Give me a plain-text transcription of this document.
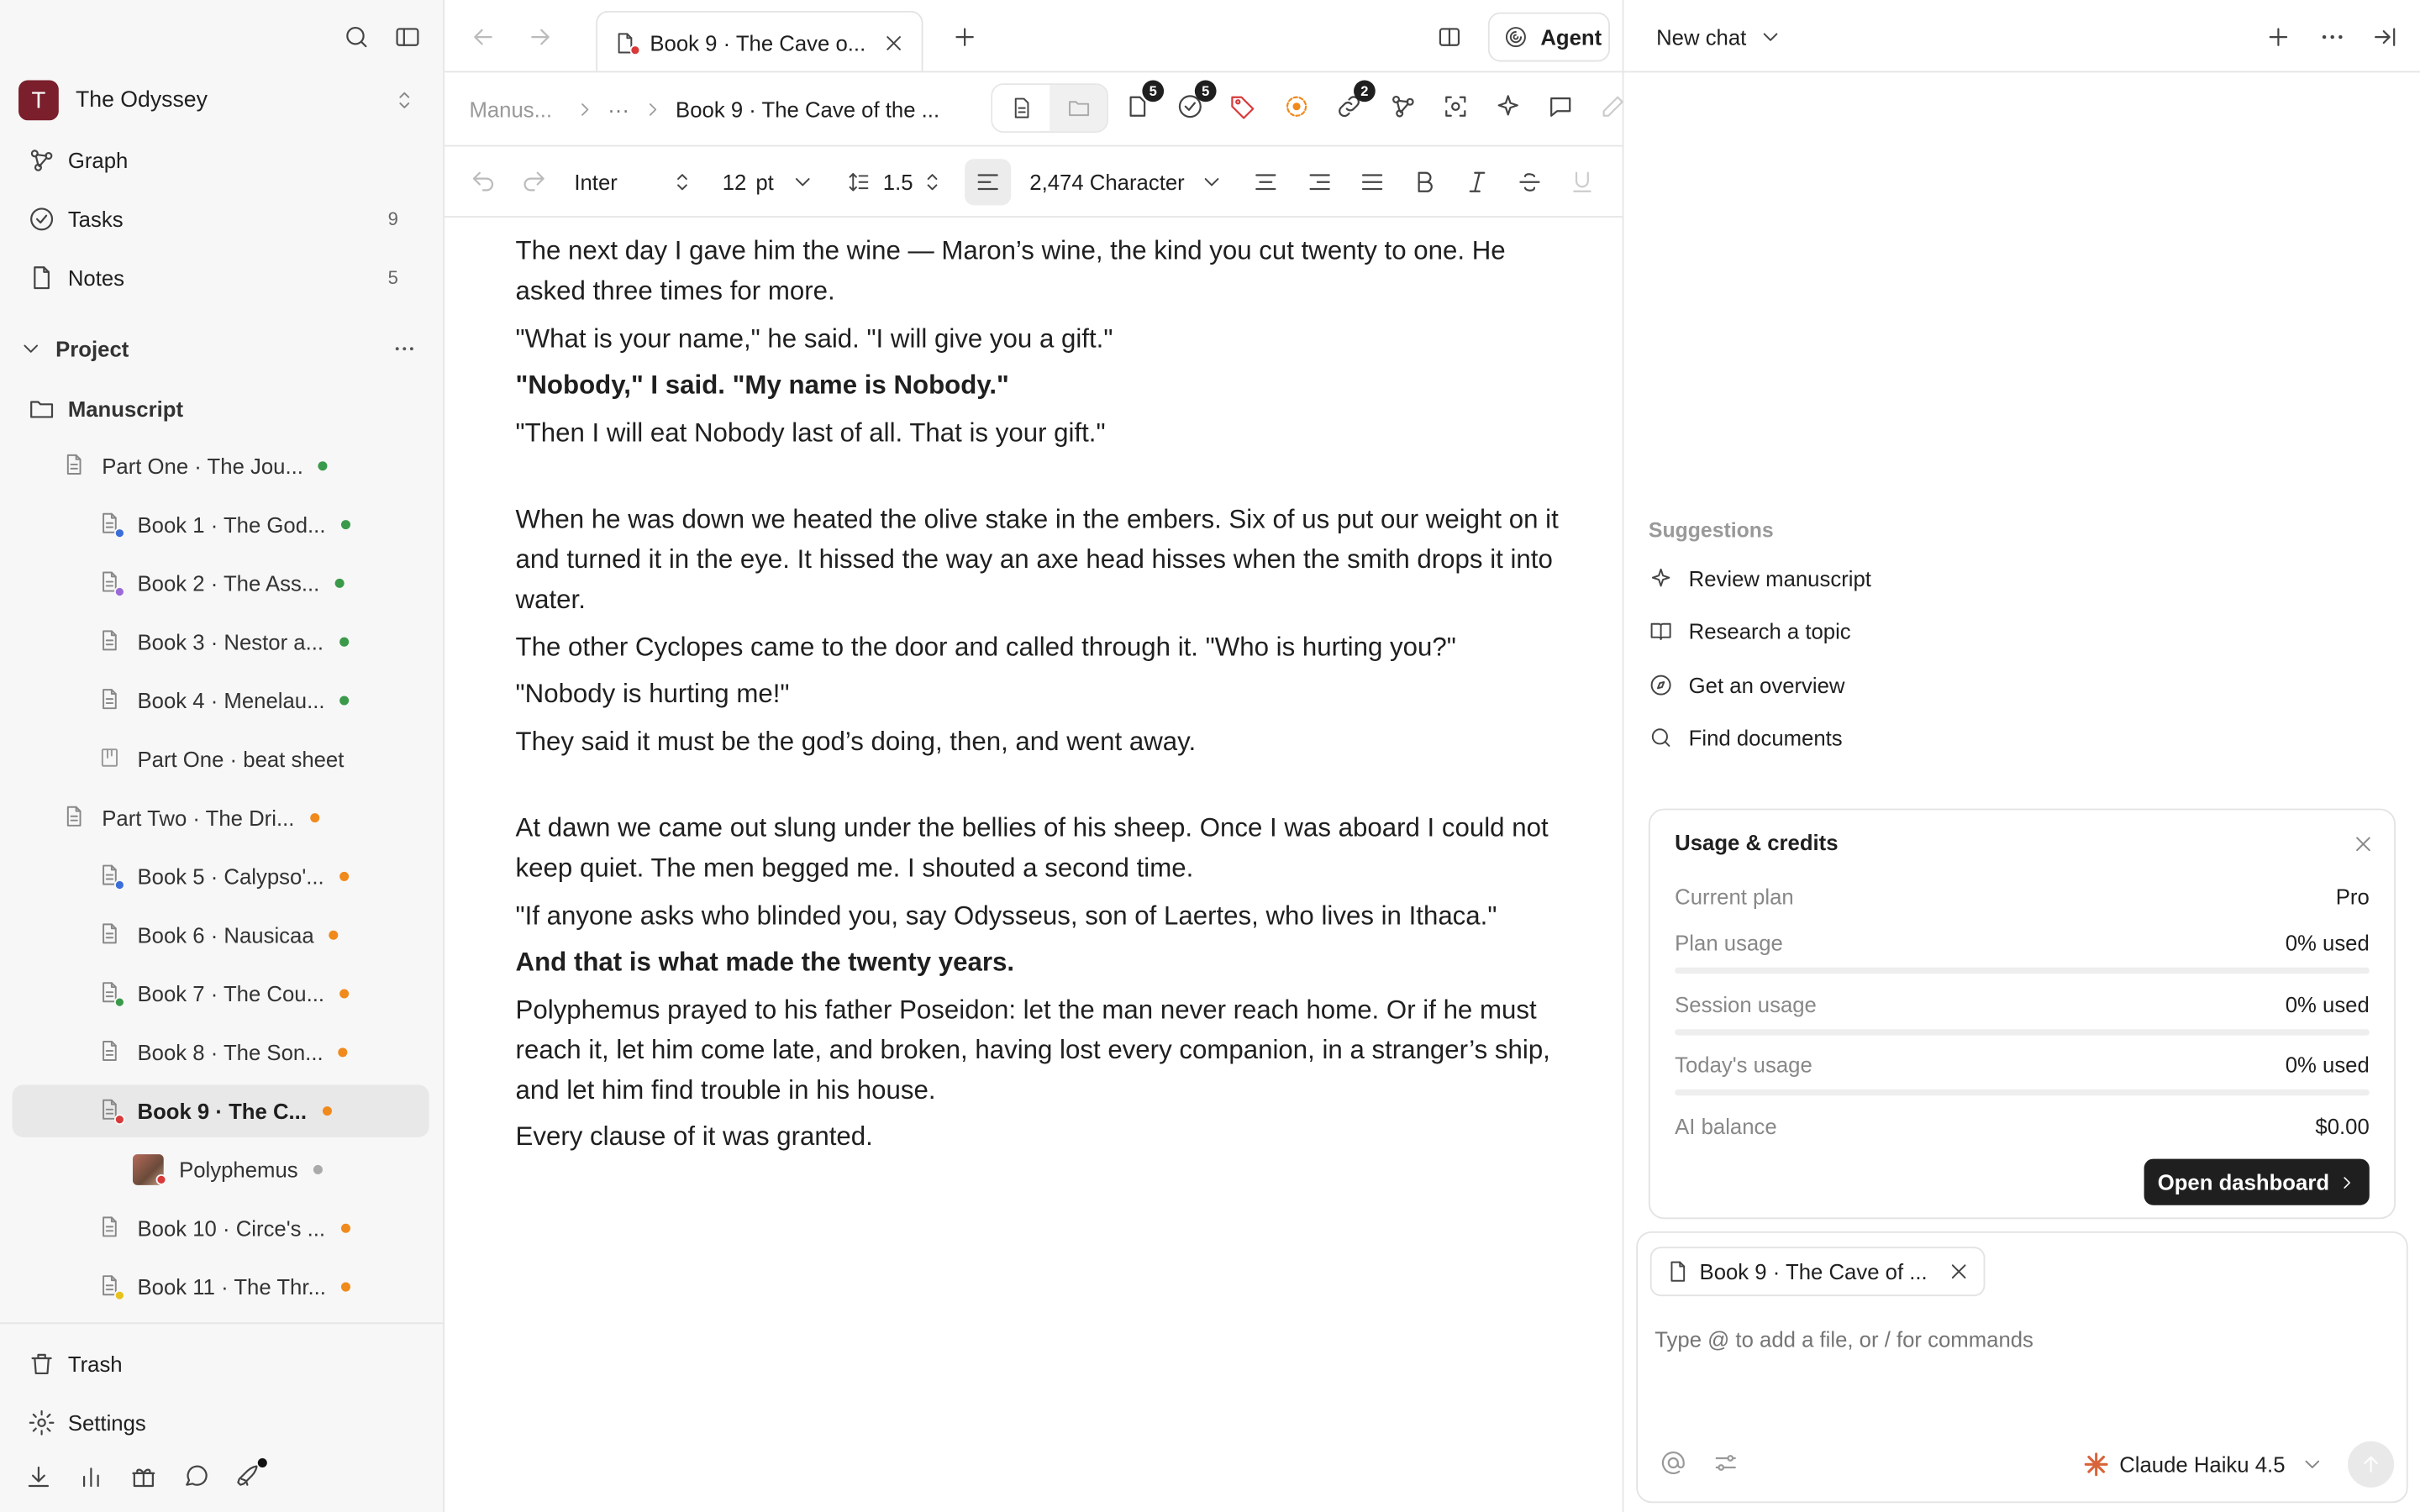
T	The Odyssey
Graph
Tasks	9
Notes	5
Project
Manuscript
Part One · The Jou...
Book 1 · The God...
Book 2 · The Ass...
Book 3 · Nestor a...
Book 4 · Menelau...
Part One · beat sheet
Part Two · The Dri...
Book 5 · Calypso'...
Book 6 · Nausicaa
Book 7 · The Cou...
Book 8 · The Son...
Book 9 · The C...
Polyphemus
Book 10 · Circe's ...
Book 11 · The Thr...
Trash
Settings
Book 9 · The Cave o...	Agent
Manus...	···	Book 9 · The Cave of the ...
5	5	2
Inter	12 pt	1.5	2,474 Character

The next day I gave him the wine — Maron’s wine, the kind you cut twenty to one. He asked three times for more.

"What is your name," he said. "I will give you a gift."

"Nobody," I said. "My name is Nobody."

"Then I will eat Nobody last of all. That is your gift."

When he was down we heated the olive stake in the embers. Six of us put our weight on it and turned it in the eye. It hissed the way an axe head hisses when the smith drops it into water.

The other Cyclopes came to the door and called through it. "Who is hurting you?"

"Nobody is hurting me!"

They said it must be the god’s doing, then, and went away.

At dawn we came out slung under the bellies of his sheep. Once I was aboard I could not keep quiet. The men begged me. I shouted a second time.

"If anyone asks who blinded you, say Odysseus, son of Laertes, who lives in Ithaca."

And that is what made the twenty years.

Polyphemus prayed to his father Poseidon: let the man never reach home. Or if he must reach it, let him come late, and broken, having lost every companion, in a stranger’s ship, and let him find trouble in his house.

Every clause of it was granted.

New chat
Suggestions
Review manuscript
Research a topic
Get an overview
Find documents
Usage & credits
Current plan	Pro
Plan usage	0% used
Session usage	0% used
Today's usage	0% used
AI balance	$0.00
Open dashboard
Book 9 · The Cave of ...
Type @ to add a file, or / for commands
Claude Haiku 4.5
